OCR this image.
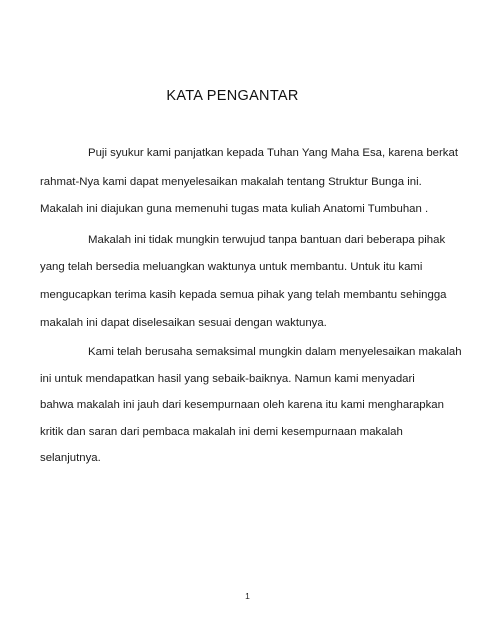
KATA PENGANTAR
Puji syukur kami panjatkan kepada Tuhan Yang Maha Esa, karena berkat
rahmat-Nya kami dapat menyelesaikan makalah tentang Struktur Bunga ini.
Makalah ini diajukan guna memenuhi tugas mata kuliah Anatomi Tumbuhan .
Makalah ini tidak mungkin terwujud tanpa bantuan dari beberapa pihak
yang telah bersedia meluangkan waktunya untuk membantu. Untuk itu kami
mengucapkan terima kasih kepada semua pihak yang telah membantu sehingga
makalah ini dapat diselesaikan sesuai dengan waktunya.
Kami telah berusaha semaksimal mungkin dalam menyelesaikan makalah
ini untuk mendapatkan hasil yang sebaik-baiknya. Namun kami menyadari
bahwa makalah ini jauh dari kesempurnaan oleh karena itu kami mengharapkan
kritik dan saran dari pembaca makalah ini demi kesempurnaan makalah
selanjutnya.
1
